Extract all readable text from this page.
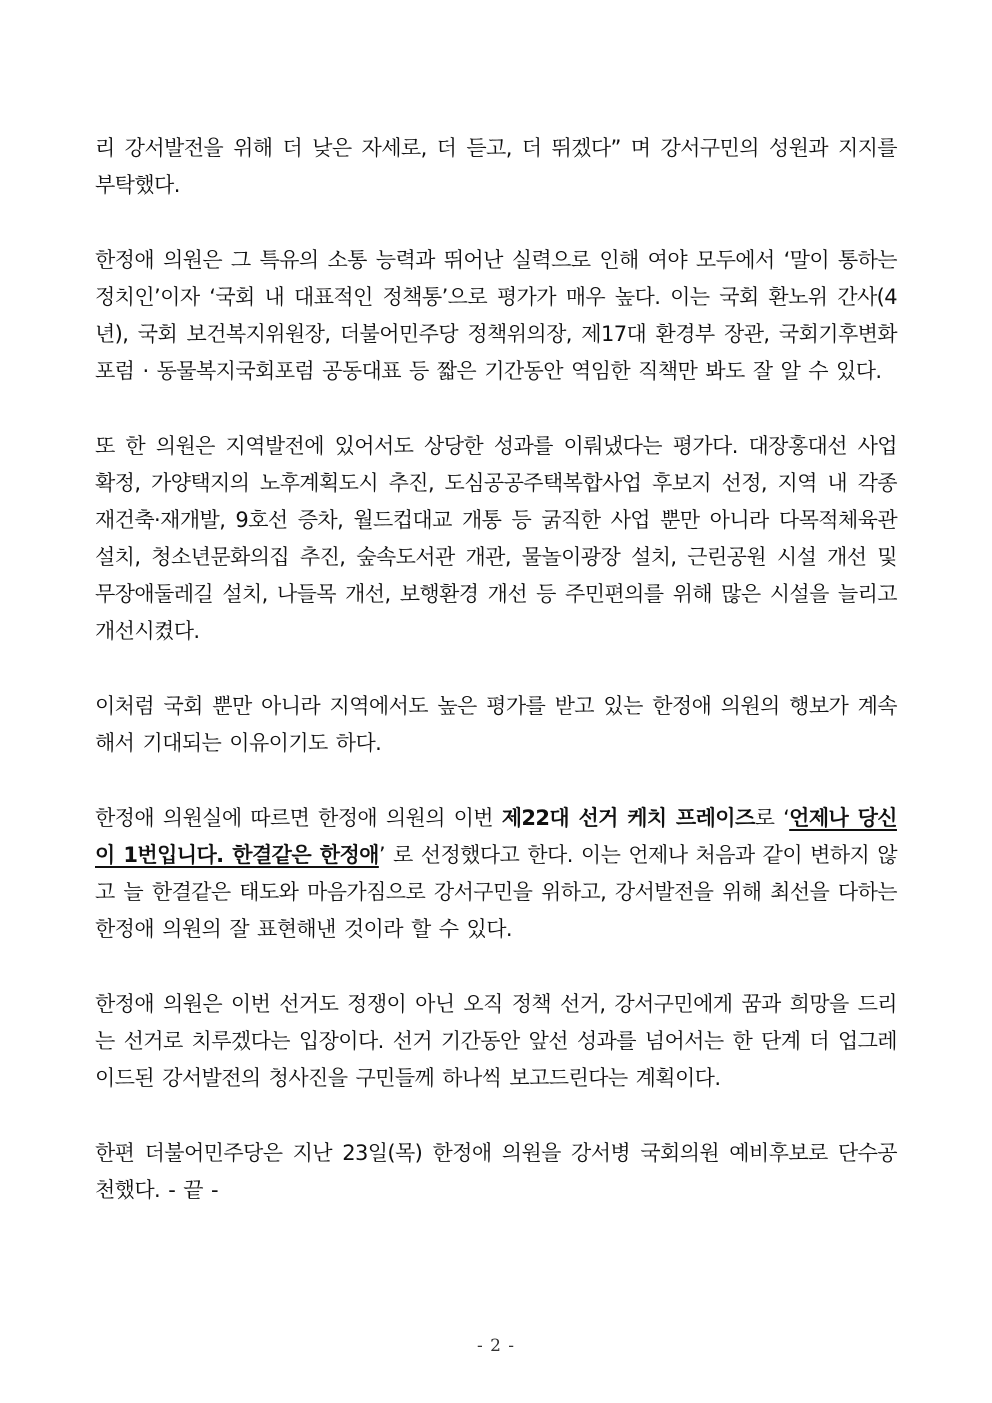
리 강서발전을 위해 더 낮은 자세로, 더 듣고, 더 뛰겠다” 며 강서구민의 성원과 지지를 부탁했다.

한정애 의원은 그 특유의 소통 능력과 뛰어난 실력으로 인해 여야 모두에서 ‘말이 통하는 정치인’이자 ‘국회 내 대표적인 정책통’으로 평가가 매우 높다. 이는 국회 환노위 간사(4년), 국회 보건복지위원장, 더불어민주당 정책위의장, 제17대 환경부 장관, 국회기후변화포럼 · 동물복지국회포럼 공동대표 등 짧은 기간동안 역임한 직책만 봐도 잘 알 수 있다.

또 한 의원은 지역발전에 있어서도 상당한 성과를 이뤄냈다는 평가다. 대장홍대선 사업 확정, 가양택지의 노후계획도시 추진, 도심공공주택복합사업 후보지 선정, 지역 내 각종 재건축·재개발, 9호선 증차, 월드컵대교 개통 등 굵직한 사업 뿐만 아니라 다목적체육관 설치, 청소년문화의집 추진, 숲속도서관 개관, 물놀이광장 설치, 근린공원 시설 개선 및 무장애둘레길 설치, 나들목 개선, 보행환경 개선 등 주민편의를 위해 많은 시설을 늘리고 개선시켰다.

이처럼 국회 뿐만 아니라 지역에서도 높은 평가를 받고 있는 한정애 의원의 행보가 계속해서 기대되는 이유이기도 하다.

한정애 의원실에 따르면 한정애 의원의 이번 제22대 선거 케치 프레이즈로 ‘언제나 당신이 1번입니다. 한결같은 한정애’ 로 선정했다고 한다. 이는 언제나 처음과 같이 변하지 않고 늘 한결같은 태도와 마음가짐으로 강서구민을 위하고, 강서발전을 위해 최선을 다하는 한정애 의원의 잘 표현해낸 것이라 할 수 있다.

한정애 의원은 이번 선거도 정쟁이 아닌 오직 정책 선거, 강서구민에게 꿈과 희망을 드리는 선거로 치루겠다는 입장이다. 선거 기간동안 앞선 성과를 넘어서는 한 단계 더 업그레이드된 강서발전의 청사진을 구민들께 하나씩 보고드린다는 계획이다.

한편 더불어민주당은 지난 23일(목) 한정애 의원을 강서병 국회의원 예비후보로 단수공천했다. - 끝 -

- 2 -
